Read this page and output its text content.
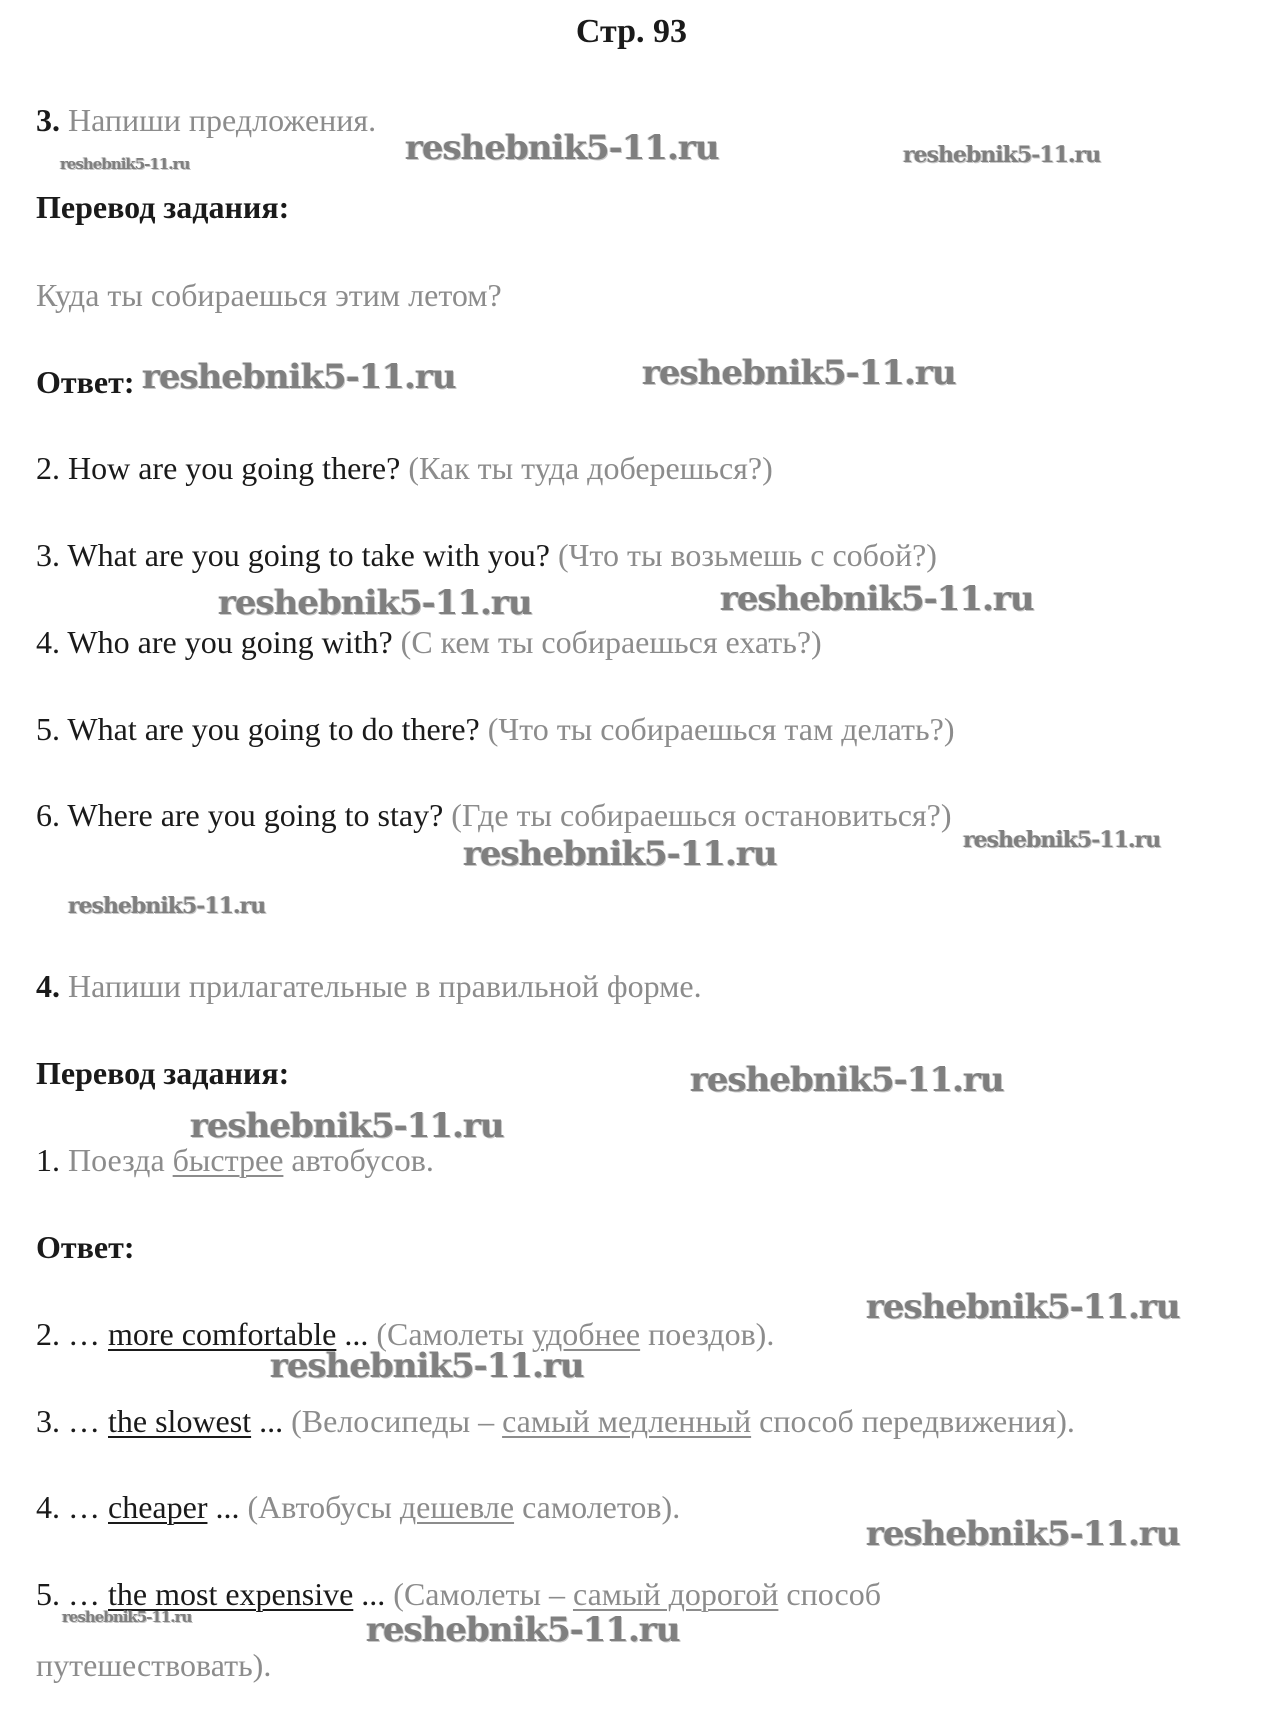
Стр. 93
3. Напиши предложения.
Перевод задания:
Куда ты собираешься этим летом?
Ответ:
2. How are you going there? (Как ты туда доберешься?)
3. What are you going to take with you? (Что ты возьмешь с собой?)
4. Who are you going with? (С кем ты собираешься ехать?)
5. What are you going to do there? (Что ты собираешься там делать?)
6. Where are you going to stay? (Где ты собираешься остановиться?)
4. Напиши прилагательные в правильной форме.
Перевод задания:
1. Поезда быстрее автобусов.
Ответ:
2. … more comfortable ... (Самолеты удобнее поездов).
3. … the slowest ... (Велосипеды – самый медленный способ передвижения).
4. … cheaper ... (Автобусы дешевле самолетов).
5. … the most expensive ... (Самолеты – самый дорогой способ
путешествовать).
reshebnik5-11.ru	reshebnik5-11.ru
reshebnik5-11.ru
reshebnik5-11.ru	reshebnik5-11.ru
reshebnik5-11.ru	reshebnik5-11.ru
reshebnik5-11.ru	reshebnik5-11.ru
reshebnik5-11.ru
reshebnik5-11.ru
reshebnik5-11.ru
reshebnik5-11.ru
reshebnik5-11.ru
reshebnik5-11.ru
reshebnik5-11.ru	reshebnik5-11.ru
